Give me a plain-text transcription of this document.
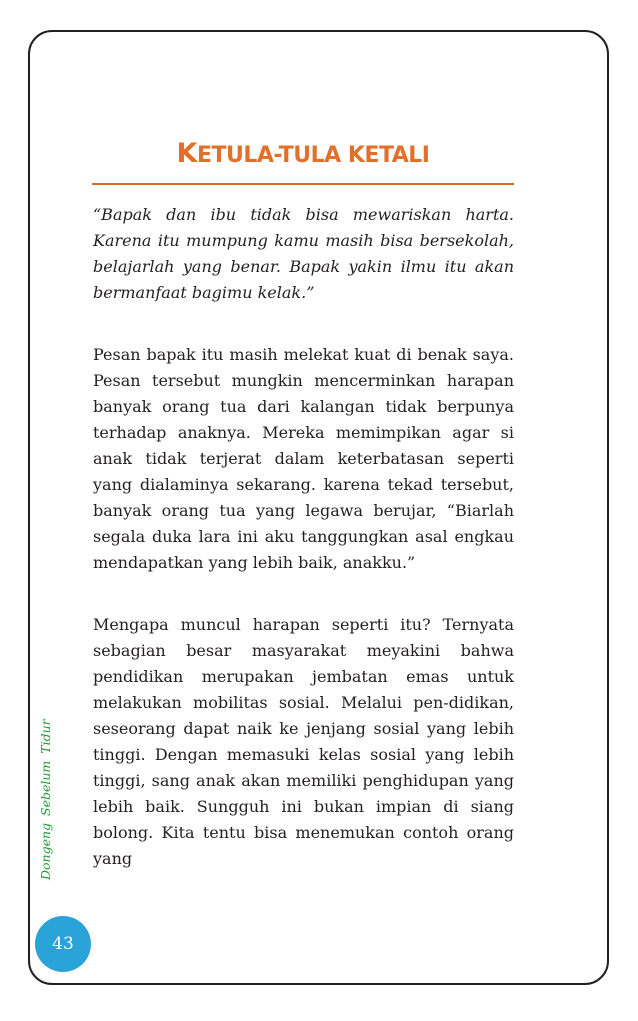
KETULA-TULA KETALI

“Bapak dan ibu tidak bisa mewariskan harta. Karena itu mumpung kamu masih bisa bersekolah, belajarlah yang benar. Bapak yakin ilmu itu akan bermanfaat bagimu kelak.”

Pesan bapak itu masih melekat kuat di benak saya. Pesan tersebut mungkin mencerminkan harapan banyak orang tua dari kalangan tidak berpunya terhadap anaknya. Mereka memimpikan agar si anak tidak terjerat dalam keterbatasan seperti yang dialaminya sekarang. karena tekad tersebut, banyak orang tua yang legawa berujar, “Biarlah segala duka lara ini aku tanggungkan asal engkau mendapatkan yang lebih baik, anakku.”

Mengapa muncul harapan seperti itu? Ternyata sebagian besar masyarakat meyakini bahwa pendidikan merupakan jembatan emas untuk melakukan mobilitas sosial. Melalui pen-didikan, seseorang dapat naik ke jenjang sosial yang lebih tinggi. Dengan memasuki kelas sosial yang lebih tinggi, sang anak akan memiliki penghidupan yang lebih baik. Sungguh ini bukan impian di siang bolong. Kita tentu bisa menemukan contoh orang yang

Dongeng Sebelum Tidur
43
